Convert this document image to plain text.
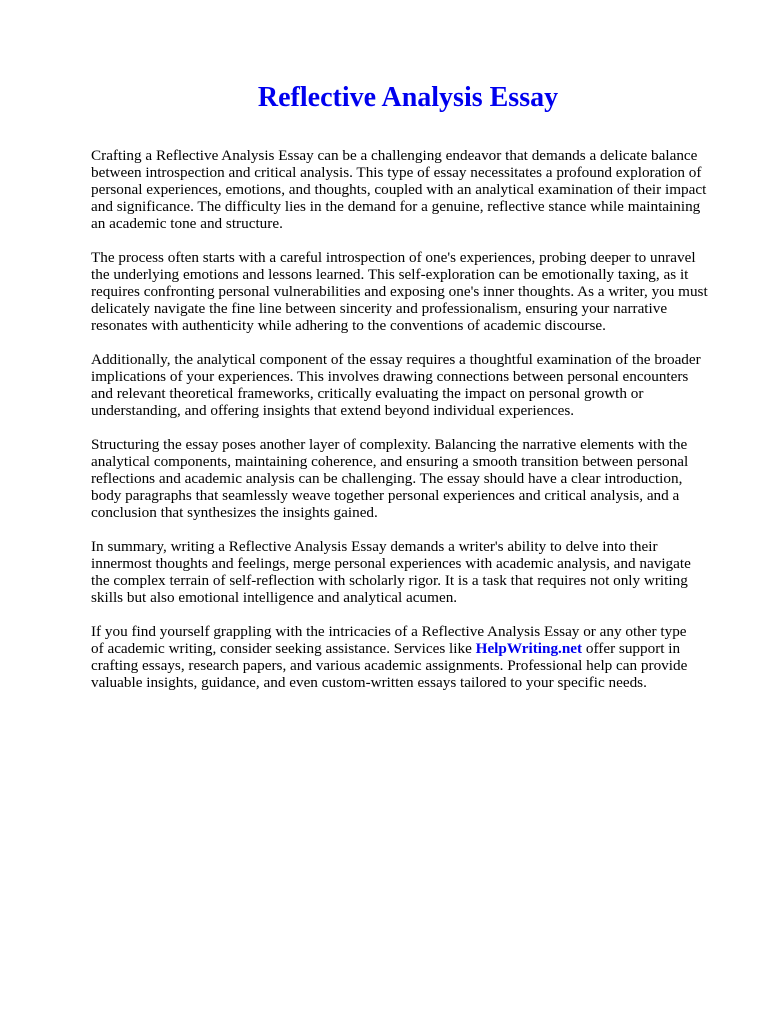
Reflective Analysis Essay

Crafting a Reflective Analysis Essay can be a challenging endeavor that demands a delicate balance
between introspection and critical analysis. This type of essay necessitates a profound exploration of
personal experiences, emotions, and thoughts, coupled with an analytical examination of their impact
and significance. The difficulty lies in the demand for a genuine, reflective stance while maintaining
an academic tone and structure.

The process often starts with a careful introspection of one's experiences, probing deeper to unravel
the underlying emotions and lessons learned. This self-exploration can be emotionally taxing, as it
requires confronting personal vulnerabilities and exposing one's inner thoughts. As a writer, you must
delicately navigate the fine line between sincerity and professionalism, ensuring your narrative
resonates with authenticity while adhering to the conventions of academic discourse.

Additionally, the analytical component of the essay requires a thoughtful examination of the broader
implications of your experiences. This involves drawing connections between personal encounters
and relevant theoretical frameworks, critically evaluating the impact on personal growth or
understanding, and offering insights that extend beyond individual experiences.

Structuring the essay poses another layer of complexity. Balancing the narrative elements with the
analytical components, maintaining coherence, and ensuring a smooth transition between personal
reflections and academic analysis can be challenging. The essay should have a clear introduction,
body paragraphs that seamlessly weave together personal experiences and critical analysis, and a
conclusion that synthesizes the insights gained.

In summary, writing a Reflective Analysis Essay demands a writer's ability to delve into their
innermost thoughts and feelings, merge personal experiences with academic analysis, and navigate
the complex terrain of self-reflection with scholarly rigor. It is a task that requires not only writing
skills but also emotional intelligence and analytical acumen.

If you find yourself grappling with the intricacies of a Reflective Analysis Essay or any other type
of academic writing, consider seeking assistance. Services like HelpWriting.net offer support in
crafting essays, research papers, and various academic assignments. Professional help can provide
valuable insights, guidance, and even custom-written essays tailored to your specific needs.
